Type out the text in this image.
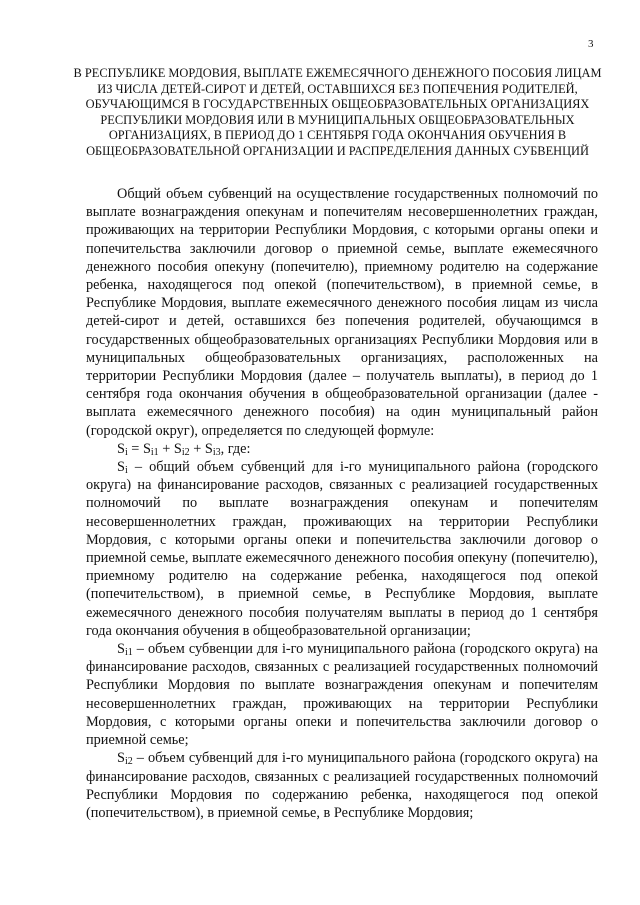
3
В РЕСПУБЛИКЕ МОРДОВИЯ, ВЫПЛАТЕ ЕЖЕМЕСЯЧНОГО ДЕНЕЖНОГО ПОСОБИЯ ЛИЦАМ ИЗ ЧИСЛА ДЕТЕЙ-СИРОТ И ДЕТЕЙ, ОСТАВШИХСЯ БЕЗ ПОПЕЧЕНИЯ РОДИТЕЛЕЙ, ОБУЧАЮЩИМСЯ В ГОСУДАРСТВЕННЫХ ОБЩЕОБРАЗОВАТЕЛЬНЫХ ОРГАНИЗАЦИЯХ РЕСПУБЛИКИ МОРДОВИЯ ИЛИ В МУНИЦИПАЛЬНЫХ ОБЩЕОБРАЗОВАТЕЛЬНЫХ ОРГАНИЗАЦИЯХ, В ПЕРИОД ДО 1 СЕНТЯБРЯ ГОДА ОКОНЧАНИЯ ОБУЧЕНИЯ В ОБЩЕОБРАЗОВАТЕЛЬНОЙ ОРГАНИЗАЦИИ И РАСПРЕДЕЛЕНИЯ ДАННЫХ СУБВЕНЦИЙ

Общий объем субвенций на осуществление государственных полномочий по выплате вознаграждения опекунам и попечителям несовершеннолетних граждан, проживающих на территории Республики Мордовия, с которыми органы опеки и попечительства заключили договор о приемной семье, выплате ежемесячного денежного пособия опекуну (попечителю), приемному родителю на содержание ребенка, находящегося под опекой (попечительством), в приемной семье, в Республике Мордовия, выплате ежемесячного денежного пособия лицам из числа детей-сирот и детей, оставшихся без попечения родителей, обучающимся в государственных общеобразовательных организациях Республики Мордовия или в муниципальных общеобразовательных организациях, расположенных на территории Республики Мордовия (далее – получатель выплаты), в период до 1 сентября года окончания обучения в общеобразовательной организации (далее - выплата ежемесячного денежного пособия) на один муниципальный район (городской округ), определяется по следующей формуле:

$S_i = S_{i1} + S_{i2} + S_{i3}$, где:

$S_i$ – общий объем субвенций для i-го муниципального района (городского округа) на финансирование расходов, связанных с реализацией государственных полномочий по выплате вознаграждения опекунам и попечителям несовершеннолетних граждан, проживающих на территории Республики Мордовия, с которыми органы опеки и попечительства заключили договор о приемной семье, выплате ежемесячного денежного пособия опекуну (попечителю), приемному родителю на содержание ребенка, находящегося под опекой (попечительством), в приемной семье, в Республике Мордовия, выплате ежемесячного денежного пособия получателям выплаты в период до 1 сентября года окончания обучения в общеобразовательной организации;

$S_{i1}$ – объем субвенции для i-го муниципального района (городского округа) на финансирование расходов, связанных с реализацией государственных полномочий Республики Мордовия по выплате вознаграждения опекунам и попечителям несовершеннолетних граждан, проживающих на территории Республики Мордовия, с которыми органы опеки и попечительства заключили договор о приемной семье;

$S_{i2}$ – объем субвенций для i-го муниципального района (городского округа) на финансирование расходов, связанных с реализацией государственных полномочий Республики Мордовия по содержанию ребенка, находящегося под опекой (попечительством), в приемной семье, в Республике Мордовия;
